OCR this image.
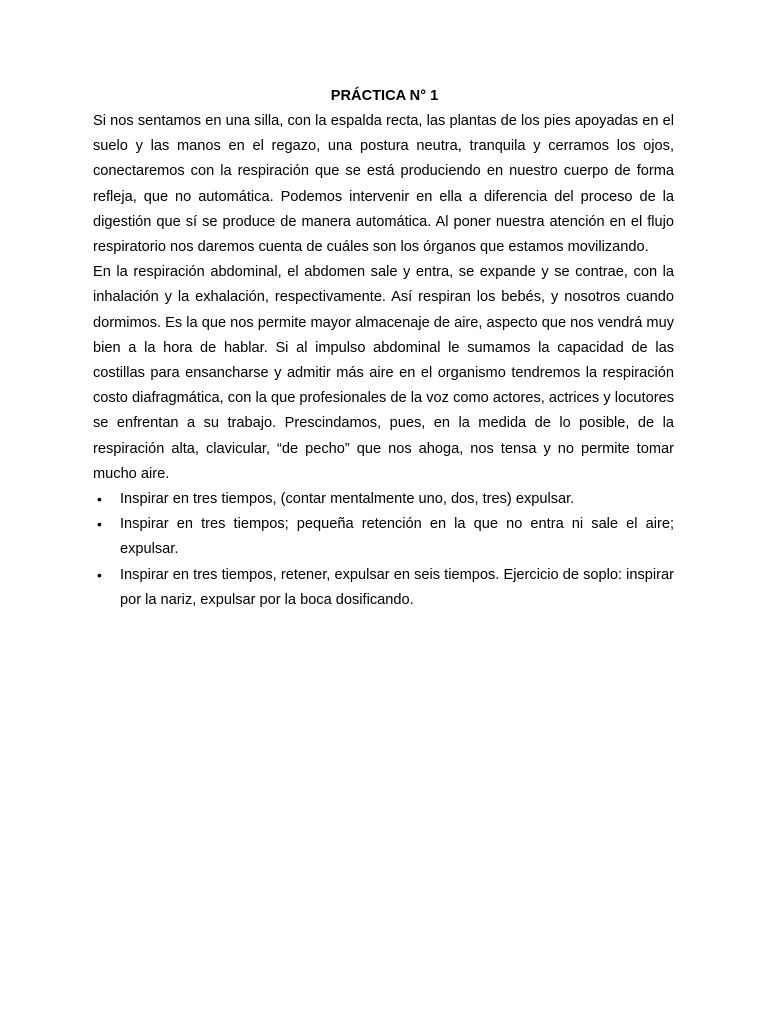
PRÁCTICA N° 1

Si nos sentamos en una silla, con la espalda recta, las plantas de los pies apoyadas en el suelo y las manos en el regazo, una postura neutra, tranquila y cerramos los ojos, conectaremos con la respiración que se está produciendo en nuestro cuerpo de forma refleja, que no automática. Podemos intervenir en ella a diferencia del proceso de la digestión que sí se produce de manera automática. Al poner nuestra atención en el flujo respiratorio nos daremos cuenta de cuáles son los órganos que estamos movilizando.

En la respiración abdominal, el abdomen sale y entra, se expande y se contrae, con la inhalación y la exhalación, respectivamente. Así respiran los bebés, y nosotros cuando dormimos. Es la que nos permite mayor almacenaje de aire, aspecto que nos vendrá muy bien a la hora de hablar. Si al impulso abdominal le sumamos la capacidad de las costillas para ensancharse y admitir más aire en el organismo tendremos la respiración costo diafragmática, con la que profesionales de la voz como actores, actrices y locutores se enfrentan a su trabajo. Prescindamos, pues, en la medida de lo posible, de la respiración alta, clavicular, “de pecho” que nos ahoga, nos tensa y no permite tomar mucho aire.

• Inspirar en tres tiempos, (contar mentalmente uno, dos, tres) expulsar.
• Inspirar en tres tiempos; pequeña retención en la que no entra ni sale el aire; expulsar.
• Inspirar en tres tiempos, retener, expulsar en seis tiempos. Ejercicio de soplo: inspirar por la nariz, expulsar por la boca dosificando.
